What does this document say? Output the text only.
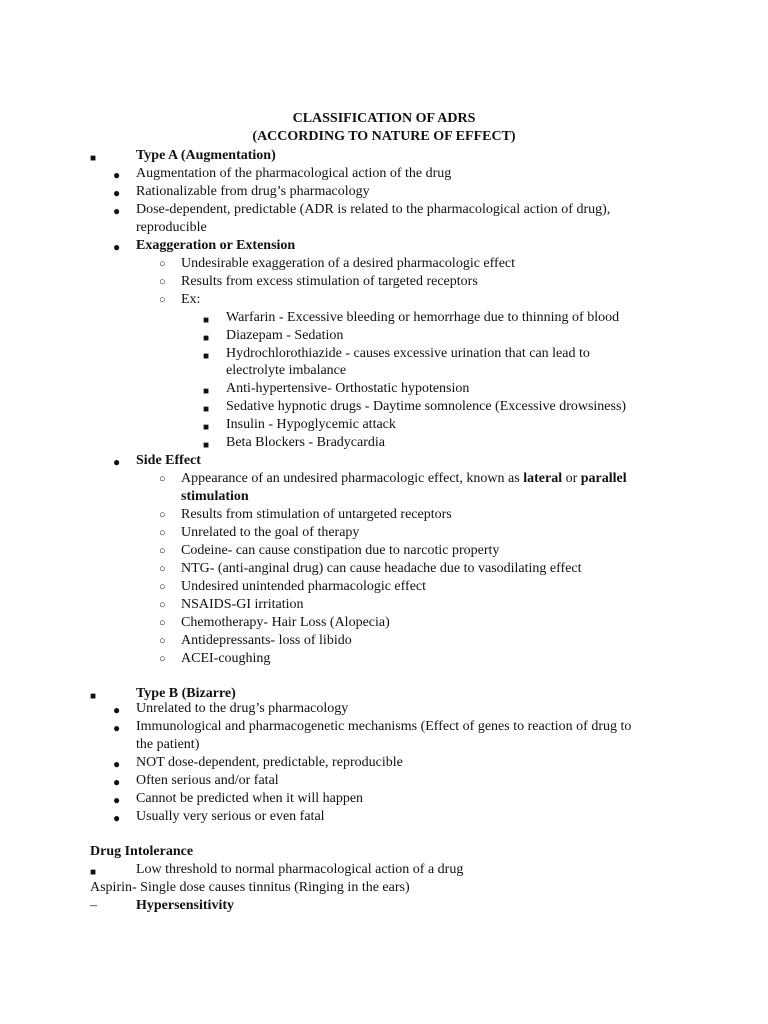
CLASSIFICATION OF ADRS
(ACCORDING TO NATURE OF EFFECT)
■	Type A (Augmentation)
● Augmentation of the pharmacological action of the drug
● Rationalizable from drug’s pharmacology
● Dose-dependent, predictable (ADR is related to the pharmacological action of drug),
reproducible
● Exaggeration or Extension
○ Undesirable exaggeration of a desired pharmacologic effect
○ Results from excess stimulation of targeted receptors
○ Ex:
■ Warfarin - Excessive bleeding or hemorrhage due to thinning of blood
■ Diazepam - Sedation
■ Hydrochlorothiazide - causes excessive urination that can lead to
electrolyte imbalance
■ Anti-hypertensive- Orthostatic hypotension
■ Sedative hypnotic drugs - Daytime somnolence (Excessive drowsiness)
■ Insulin - Hypoglycemic attack
■ Beta Blockers - Bradycardia
● Side Effect
○ Appearance of an undesired pharmacologic effect, known as lateral or parallel
stimulation
○ Results from stimulation of untargeted receptors
○ Unrelated to the goal of therapy
○ Codeine- can cause constipation due to narcotic property
○ NTG- (anti-anginal drug) can cause headache due to vasodilating effect
○ Undesired unintended pharmacologic effect
○ NSAIDS-GI irritation
○ Chemotherapy- Hair Loss (Alopecia)
○ Antidepressants- loss of libido
○ ACEI-coughing
■	Type B (Bizarre)
● Unrelated to the drug’s pharmacology
● Immunological and pharmacogenetic mechanisms (Effect of genes to reaction of drug to
the patient)
● NOT dose-dependent, predictable, reproducible
● Often serious and/or fatal
● Cannot be predicted when it will happen
● Usually very serious or even fatal
Drug Intolerance
■	Low threshold to normal pharmacological action of a drug
Aspirin- Single dose causes tinnitus (Ringing in the ears)
–	Hypersensitivity
